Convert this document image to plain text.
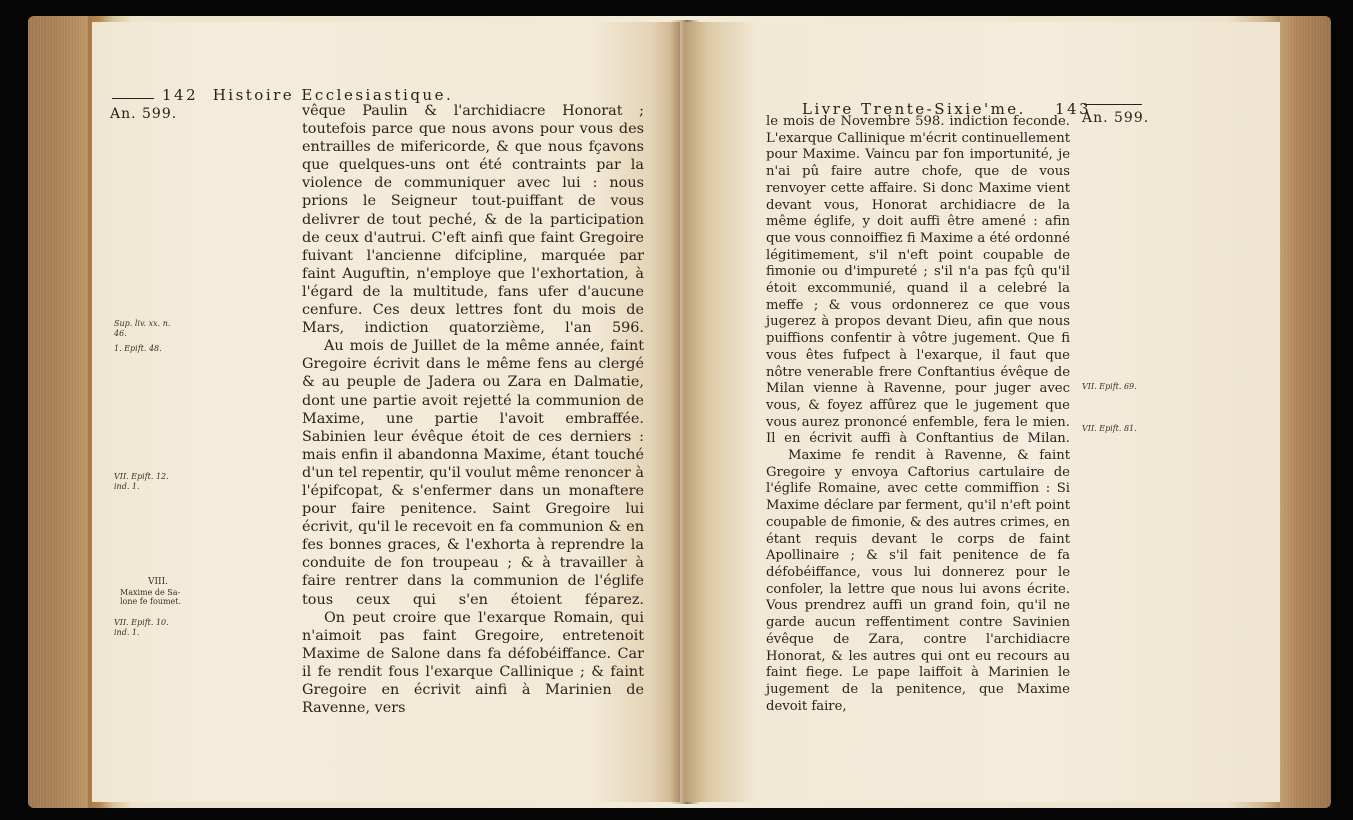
142 Histoire Ecclesiastique.
An. 599.	vêque Paulin & l'archidiacre Honorat ; toutefois parce que nous avons pour vous des entrailles de mifericorde, & que nous fçavons que quelques-uns ont été contraints par la violence de communiquer avec lui : nous prions le Seigneur tout-puiffant de vous delivrer de tout peché, & de la participation de ceux d'autrui. C'eft ainfi que faint Gregoire fuivant l'ancienne difcipline, marquée par faint Auguftin, n'employe que l'exhortation, à l'égard de la multitude, fans ufer d'aucune cenfure. Ces deux lettres font du mois de Mars, indiction quatorzième, l'an 596.

Au mois de Juillet de la même année, faint Gregoire écrivit dans le même fens au clergé & au peuple de Jadera ou Zara en Dalmatie, dont une partie avoit rejetté la communion de Maxime, une partie l'avoit embraffée. Sabinien leur évêque étoit de ces derniers : mais enfin il abandonna Maxime, étant touché d'un tel repentir, qu'il voulut même renoncer à l'épifcopat, & s'enfermer dans un monaftere pour faire penitence. Saint Gregoire lui écrivit, qu'il le recevoit en fa communion & en fes bonnes graces, & l'exhorta à reprendre la conduite de fon troupeau ; & à travailler à faire rentrer dans la communion de l'églife tous ceux qui s'en étoient féparez.

On peut croire que l'exarque Romain, qui n'aimoit pas faint Gregoire, entretenoit Maxime de Salone dans fa défobéiffance. Car il fe rendit fous l'exarque Callinique ; & faint Gregoire en écrivit ainfi à Marinien de Ravenne, vers

Sup. liv. xx. n.
46.
1. Epift. 48.
VII. Epift. 12.
ind. 1.
VIII.
Maxime de Sa-
lone fe foumet.
VII. Epift. 10.
ind. 1.
Livre Trente-Sixie'me. 143
An. 599.

le mois de Novembre 598. indiction feconde. L'exarque Callinique m'écrit continuellement pour Maxime. Vaincu par fon importunité, je n'ai pû faire autre chofe, que de vous renvoyer cette affaire. Si donc Maxime vient devant vous, Honorat archidiacre de la même églife, y doit auffi être amené : afin que vous connoiffiez fi Maxime a été ordonné légitimement, s'il n'eft point coupable de fimonie ou d'impureté ; s'il n'a pas fçû qu'il étoit excommunié, quand il a celebré la meffe ; & vous ordonnerez ce que vous jugerez à propos devant Dieu, afin que nous puiffions confentir à vôtre jugement. Que fi vous êtes fufpect à l'exarque, il faut que nôtre venerable frere Conftantius évêque de Milan vienne à Ravenne, pour juger avec vous, & foyez affûrez que le jugement que vous aurez prononcé enfemble, fera le mien. Il en écrivit auffi à Conftantius de Milan.

Maxime fe rendit à Ravenne, & faint Gregoire y envoya Caftorius cartulaire de l'églife Romaine, avec cette commiffion : Si Maxime déclare par ferment, qu'il n'eft point coupable de fimonie, & des autres crimes, en étant requis devant le corps de faint Apollinaire ; & s'il fait penitence de fa défobéiffance, vous lui donnerez pour le confoler, la lettre que nous lui avons écrite. Vous prendrez auffi un grand foin, qu'il ne garde aucun reffentiment contre Savinien évêque de Zara, contre l'archidiacre Honorat, & les autres qui ont eu recours au faint fiege. Le pape laiffoit à Marinien le jugement de la penitence, que Maxime devoit faire,

VII. Epift. 69.
VII. Epift. 81.
